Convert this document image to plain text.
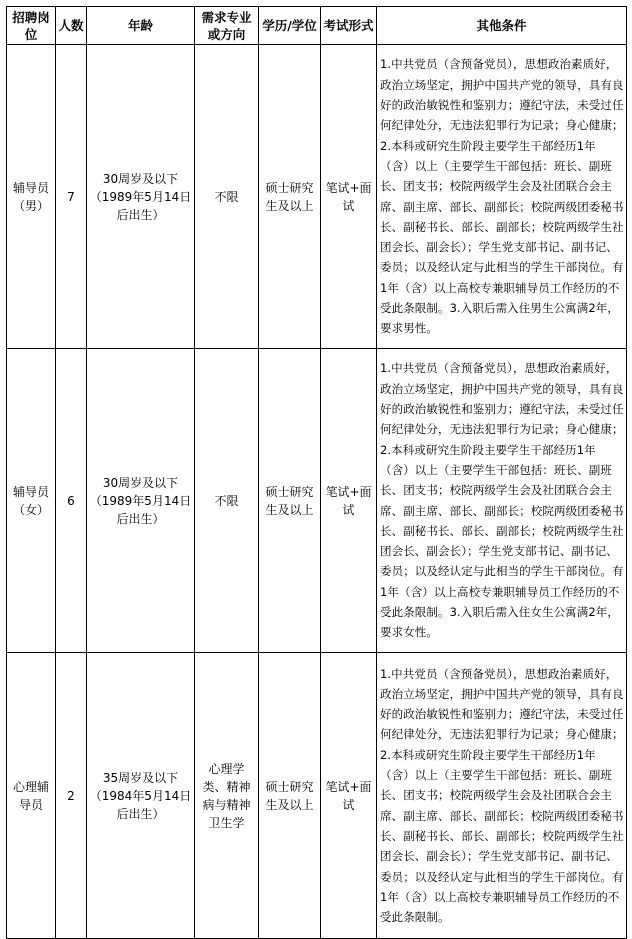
招聘岗位	人数	年龄	需求专业或方向	学历/学位	考试形式	其他条件
辅导员（男）	7	30周岁及以下（1989年5月14日后出生）	不限	硕士研究生及以上	笔试+面试	1.中共党员（含预备党员），思想政治素质好，政治立场坚定，拥护中国共产党的领导，具有良好的政治敏锐性和鉴别力；遵纪守法，未受过任何纪律处分，无违法犯罪行为记录；身心健康；2.本科或研究生阶段主要学生干部经历1年（含）以上（主要学生干部包括：班长、副班长、团支书；校院两级学生会及社团联合会主席、副主席、部长、副部长；校院两级团委秘书长、副秘书长、部长、副部长；校院两级学生社团会长、副会长）；学生党支部书记、副书记、委员；以及经认定与此相当的学生干部岗位。有1年（含）以上高校专兼职辅导员工作经历的不受此条限制。3.入职后需入住男生公寓满2年，要求男性。
辅导员（女）	6	30周岁及以下（1989年5月14日后出生）	不限	硕士研究生及以上	笔试+面试	1.中共党员（含预备党员），思想政治素质好，政治立场坚定，拥护中国共产党的领导，具有良好的政治敏锐性和鉴别力；遵纪守法，未受过任何纪律处分，无违法犯罪行为记录；身心健康；2.本科或研究生阶段主要学生干部经历1年（含）以上（主要学生干部包括：班长、副班长、团支书；校院两级学生会及社团联合会主席、副主席、部长、副部长；校院两级团委秘书长、副秘书长、部长、副部长；校院两级学生社团会长、副会长）；学生党支部书记、副书记、委员；以及经认定与此相当的学生干部岗位。有1年（含）以上高校专兼职辅导员工作经历的不受此条限制。3.入职后需入住女生公寓满2年，要求女性。
心理辅导员	2	35周岁及以下（1984年5月14日后出生）	心理学类、精神病与精神卫生学	硕士研究生及以上	笔试+面试	1.中共党员（含预备党员），思想政治素质好，政治立场坚定，拥护中国共产党的领导，具有良好的政治敏锐性和鉴别力；遵纪守法，未受过任何纪律处分，无违法犯罪行为记录；身心健康；2.本科或研究生阶段主要学生干部经历1年（含）以上（主要学生干部包括：班长、副班长、团支书；校院两级学生会及社团联合会主席、副主席、部长、副部长；校院两级团委秘书长、副秘书长、部长、副部长；校院两级学生社团会长、副会长）；学生党支部书记、副书记、委员；以及经认定与此相当的学生干部岗位。有1年（含）以上高校专兼职辅导员工作经历的不受此条限制。
